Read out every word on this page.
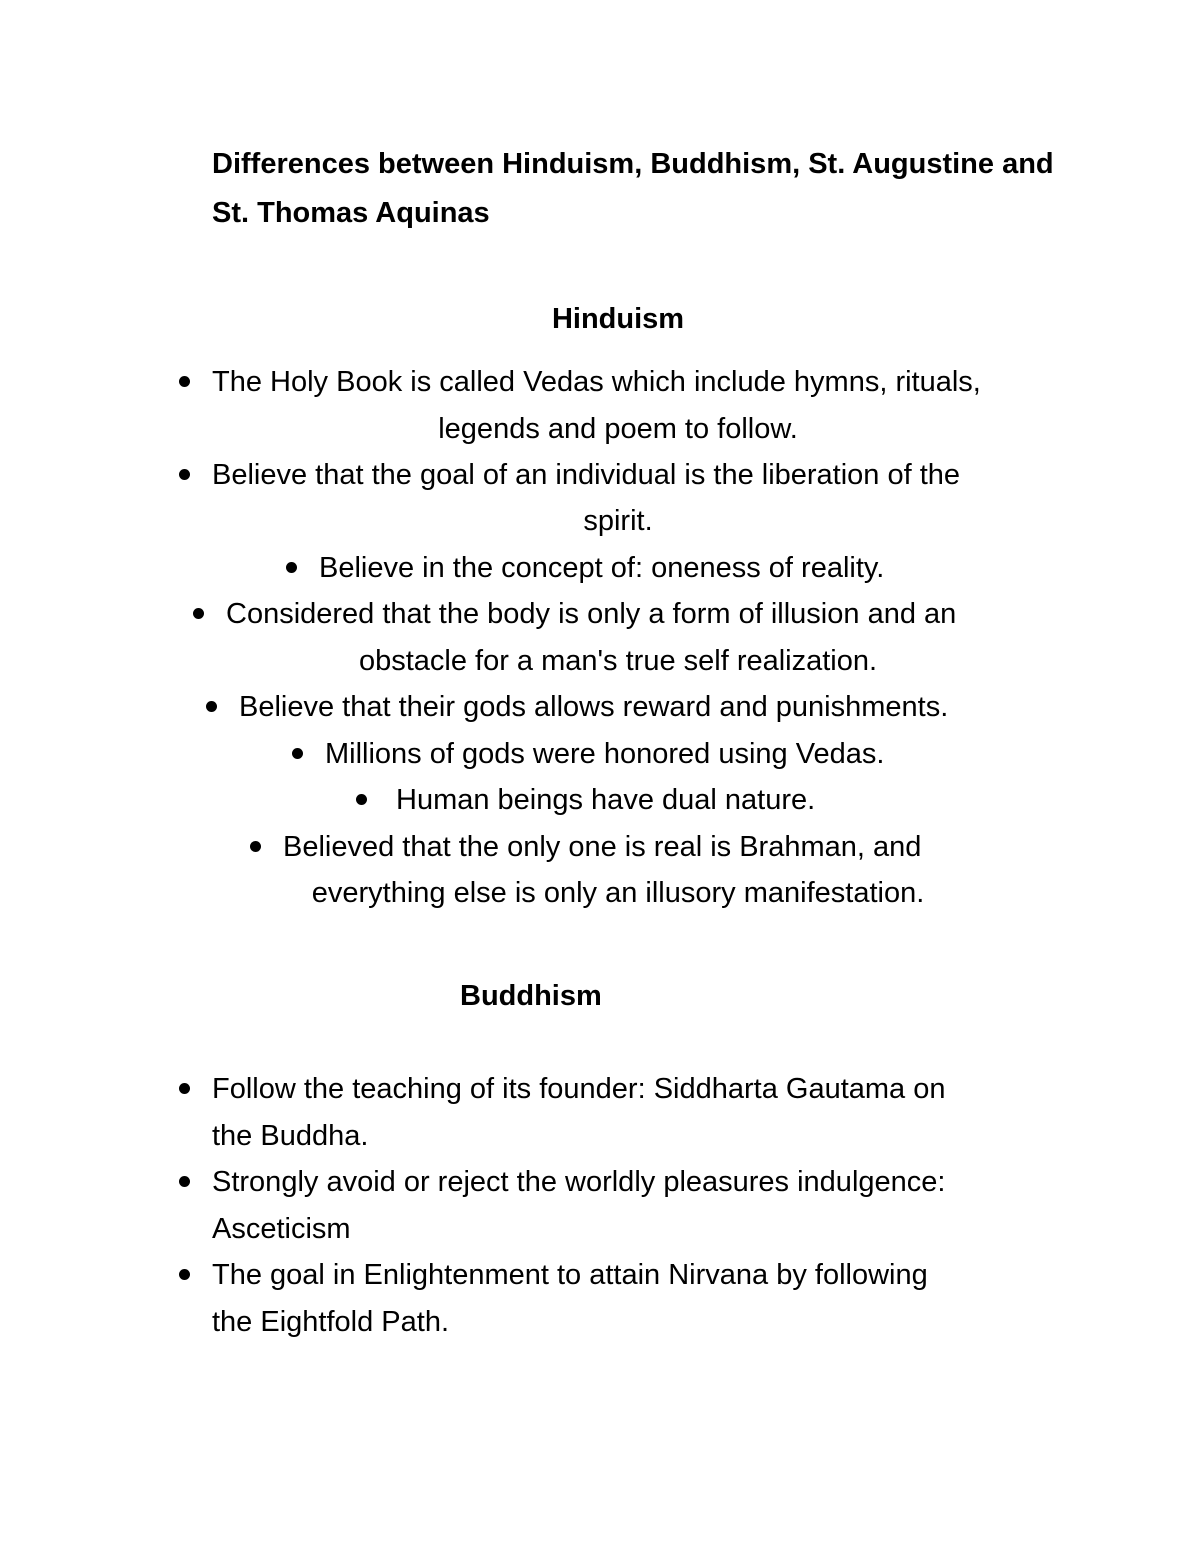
Differences between Hinduism, Buddhism, St. Augustine and St. Thomas Aquinas
Hinduism

The Holy Book is called Vedas which include hymns, rituals,

legends and poem to follow.

Believe that the goal of an individual is the liberation of the

spirit.

Believe in the concept of: oneness of reality.

Considered that the body is only a form of illusion and an

obstacle for a man's true self realization.

Believe that their gods allows reward and punishments.

Millions of gods were honored using Vedas.

Human beings have dual nature.

Believed that the only one is real is Brahman, and

everything else is only an illusory manifestation.

Buddhism

Follow the teaching of its founder: Siddharta Gautama on

the Buddha.

Strongly avoid or reject the worldly pleasures indulgence:

Asceticism

The goal in Enlightenment to attain Nirvana by following

the Eightfold Path.
